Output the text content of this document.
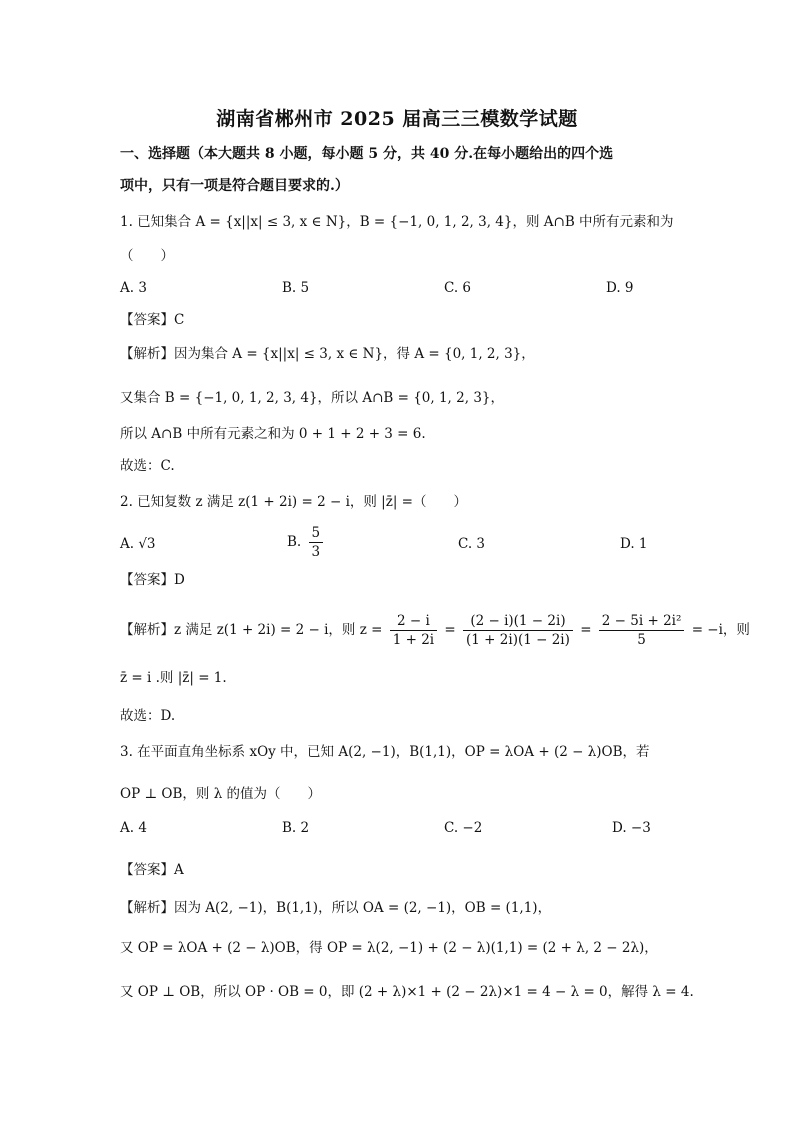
湖南省郴州市 2025 届高三三模数学试题
一、选择题（本大题共 8 小题，每小题 5 分，共 40 分.在每小题给出的四个选
项中，只有一项是符合题目要求的.）
1. 已知集合 A = {x||x| ≤ 3, x ∈ N}，B = {−1, 0, 1, 2, 3, 4}，则 A∩B 中所有元素和为
（　　）
A. 3	B. 5	C. 6	D. 9
【答案】C
【解析】因为集合 A = {x||x| ≤ 3, x ∈ N}，得 A = {0, 1, 2, 3}，
又集合 B = {−1, 0, 1, 2, 3, 4}，所以 A∩B = {0, 1, 2, 3}，
所以 A∩B 中所有元素之和为 0 + 1 + 2 + 3 = 6.
故选：C.
2. 已知复数 z 满足 z(1 + 2i) = 2 − i，则 |z̄| =（　　）
A. √3	B. $\frac{5}{3}$	C. 3	D. 1
【答案】D
【解析】z 满足 z(1 + 2i) = 2 − i，则 $z = \frac{2 - i}{1 + 2i} = \frac{(2 - i)(1 - 2i)}{(1 + 2i)(1 - 2i)} = \frac{\text{2 − 5i + 2i²}}{5} = -i$，则
z̄ = i .则 |z̄| = 1.
故选：D.
3. 在平面直角坐标系 xOy 中，已知 A(2, −1)，B(1,1)，OP = λOA + (2 − λ)OB，若
OP ⊥ OB，则 λ 的值为（　　）
A. 4	B. 2	C. −2	D. −3
【答案】A
【解析】因为 A(2, −1)，B(1,1)，所以 OA = (2, −1)，OB = (1,1)，
又 OP = λOA + (2 − λ)OB，得 OP = λ(2, −1) + (2 − λ)(1,1) = (2 + λ, 2 − 2λ)，
又 OP ⊥ OB，所以 OP · OB = 0，即 (2 + λ)×1 + (2 − 2λ)×1 = 4 − λ = 0，解得 λ = 4.
